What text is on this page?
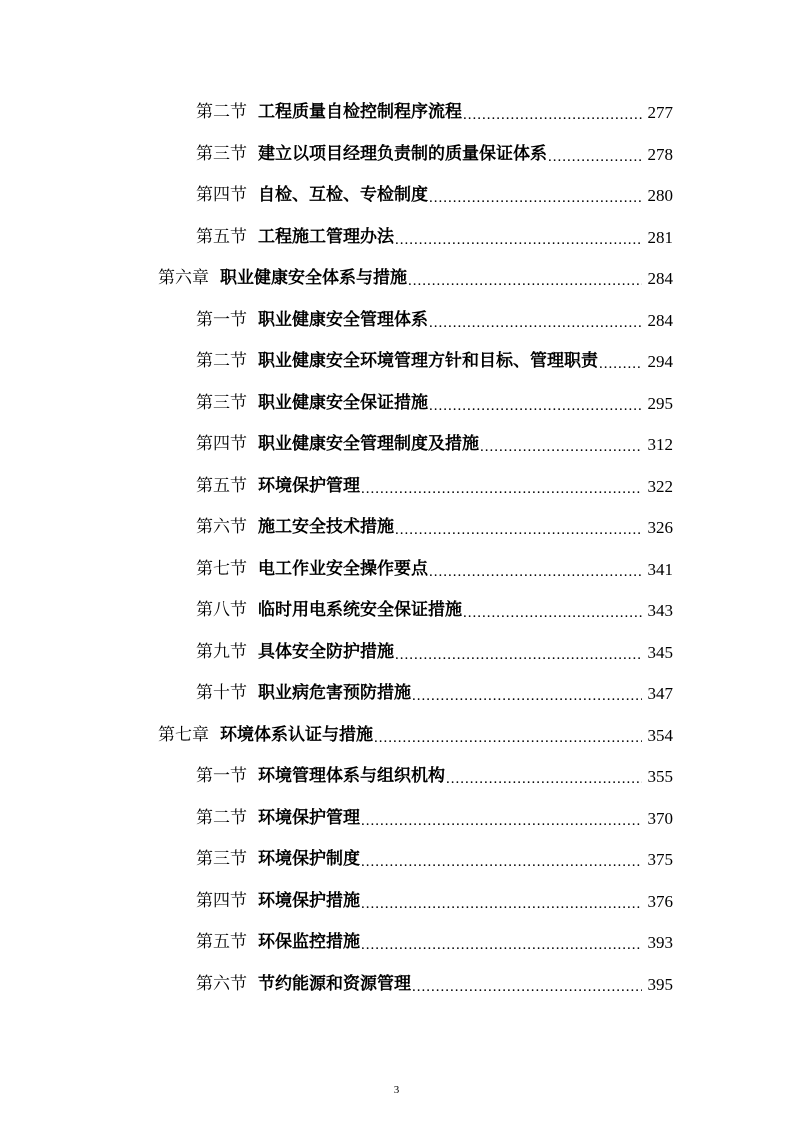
第二节 工程质量自检控制程序流程 .....	277
第三节 建立以项目经理负责制的质量保证体系 .....	278
第四节 自检、互检、专检制度 .....	280
第五节 工程施工管理办法 .....	281
第六章 职业健康安全体系与措施 .....	284
第一节 职业健康安全管理体系 .....	284
第二节 职业健康安全环境管理方针和目标、管理职责 .....	294
第三节 职业健康安全保证措施 .....	295
第四节 职业健康安全管理制度及措施 .....	312
第五节 环境保护管理 .....	322
第六节 施工安全技术措施 .....	326
第七节 电工作业安全操作要点 .....	341
第八节 临时用电系统安全保证措施 .....	343
第九节 具体安全防护措施 .....	345
第十节 职业病危害预防措施 .....	347
第七章 环境体系认证与措施 .....	354
第一节 环境管理体系与组织机构 .....	355
第二节 环境保护管理 .....	370
第三节 环境保护制度 .....	375
第四节 环境保护措施 .....	376
第五节 环保监控措施 .....	393
第六节 节约能源和资源管理 .....	395
3
